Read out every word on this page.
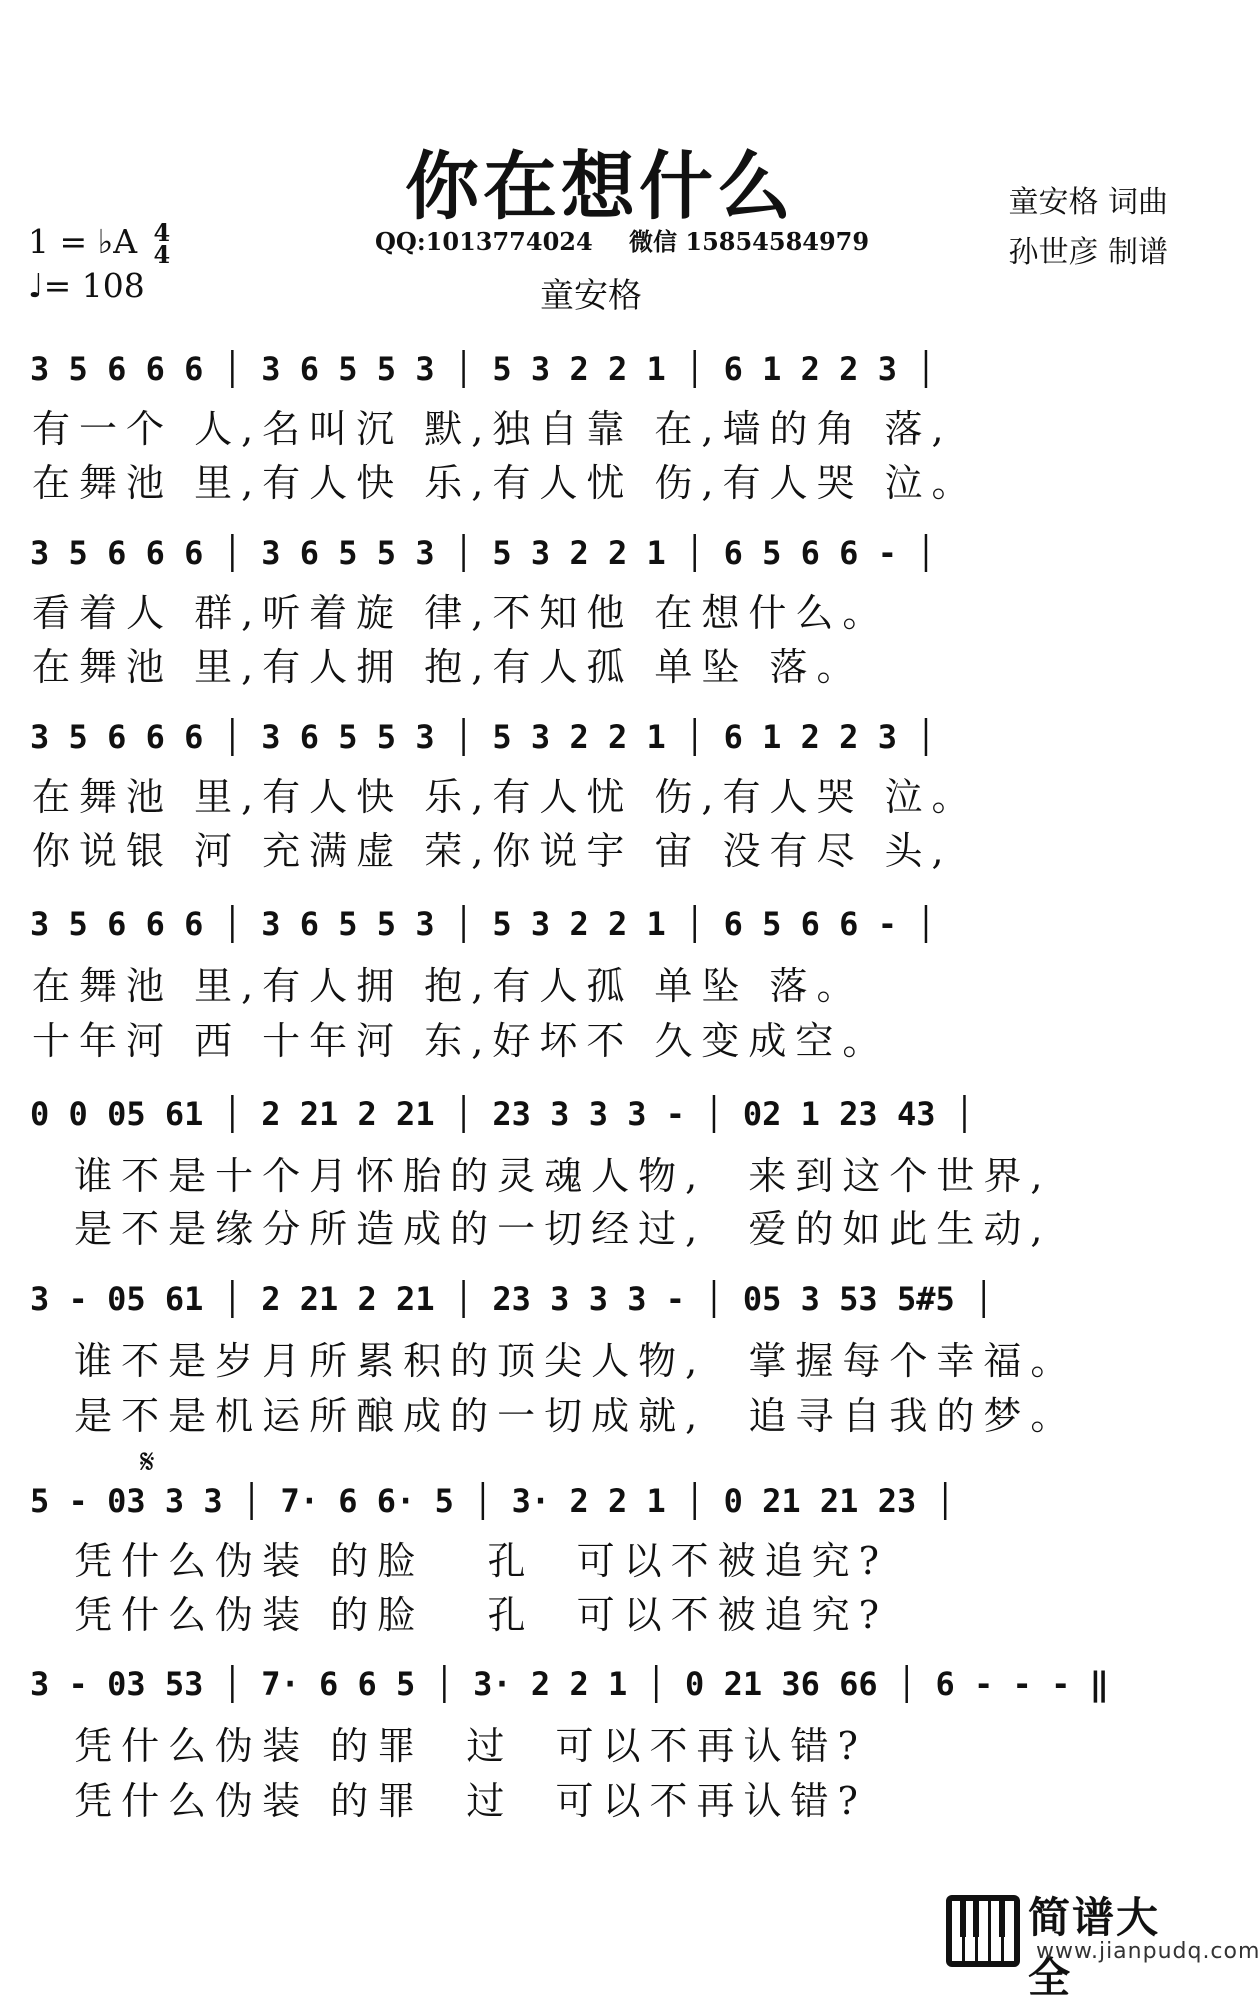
你在想什么
QQ:1013774024 微信 15854584979
童安格 词曲
孙世彦 制谱
童安格
1 = ♭A 4
4
♩= 108
3 5 6 6 6 │ 3 6 5 5 3 │ 5 3 2 2 1 │ 6 1 2 2 3 │
有一个 人,名叫沉 默,独自靠 在,墙的角 落,
在舞池 里,有人快 乐,有人忧 伤,有人哭 泣。
3 5 6 6 6 │ 3 6 5 5 3 │ 5 3 2 2 1 │ 6 5 6 6 - │
看着人 群,听着旋 律,不知他 在想什么。
在舞池 里,有人拥 抱,有人孤 单坠 落。
3 5 6 6 6 │ 3 6 5 5 3 │ 5 3 2 2 1 │ 6 1 2 2 3 │
在舞池 里,有人快 乐,有人忧 伤,有人哭 泣。
你说银 河 充满虚 荣,你说宇 宙 没有尽 头,
3 5 6 6 6 │ 3 6 5 5 3 │ 5 3 2 2 1 │ 6 5 6 6 - │
在舞池 里,有人拥 抱,有人孤 单坠 落。
十年河 西 十年河 东,好坏不 久变成空。
0 0 05 61 │ 2 21 2 21 │ 23 3 3 3 - │ 02 1 23 43 │
谁不是十个月怀胎的灵魂人物,  来到这个世界,
是不是缘分所造成的一切经过,  爱的如此生动,
3 - 05 61 │ 2 21 2 21 │ 23 3 3 3 - │ 05 3 53 5#5 │
谁不是岁月所累积的顶尖人物,  掌握每个幸福。
是不是机运所酿成的一切成就,  追寻自我的梦。
𝄋
5 - 03 3 3 │ 7· 6 6· 5 │ 3· 2 2 1 │ 0 21 21 23 │
凭什么伪装 的脸   孔  可以不被追究?
凭什么伪装 的脸   孔  可以不被追究?
3 - 03 53 │ 7· 6 6 5 │ 3· 2 2 1 │ 0 21 36 66 │ 6 - - - ‖
凭什么伪装 的罪  过  可以不再认错?
凭什么伪装 的罪  过  可以不再认错?
简谱大全
www.jianpudq.com
